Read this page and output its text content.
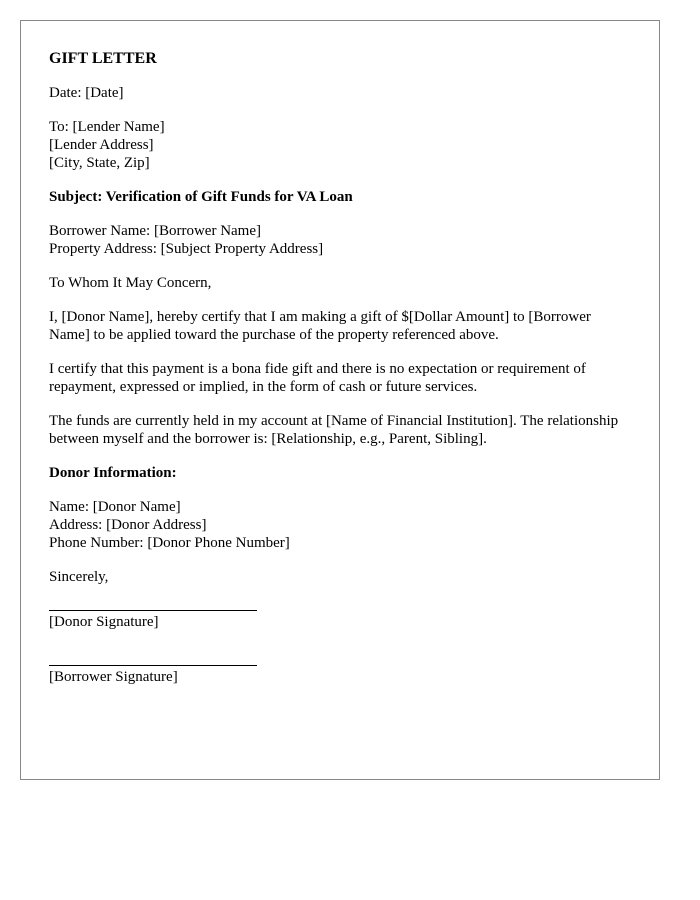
GIFT LETTER
Date: [Date]
To: [Lender Name]
[Lender Address]
[City, State, Zip]
Subject: Verification of Gift Funds for VA Loan
Borrower Name: [Borrower Name]
Property Address: [Subject Property Address]
To Whom It May Concern,
I, [Donor Name], hereby certify that I am making a gift of $[Dollar Amount] to [Borrower Name] to be applied toward the purchase of the property referenced above.
I certify that this payment is a bona fide gift and there is no expectation or requirement of repayment, expressed or implied, in the form of cash or future services.
The funds are currently held in my account at [Name of Financial Institution]. The relationship between myself and the borrower is: [Relationship, e.g., Parent, Sibling].
Donor Information:
Name: [Donor Name]
Address: [Donor Address]
Phone Number: [Donor Phone Number]
Sincerely,
[Donor Signature]
[Borrower Signature]
